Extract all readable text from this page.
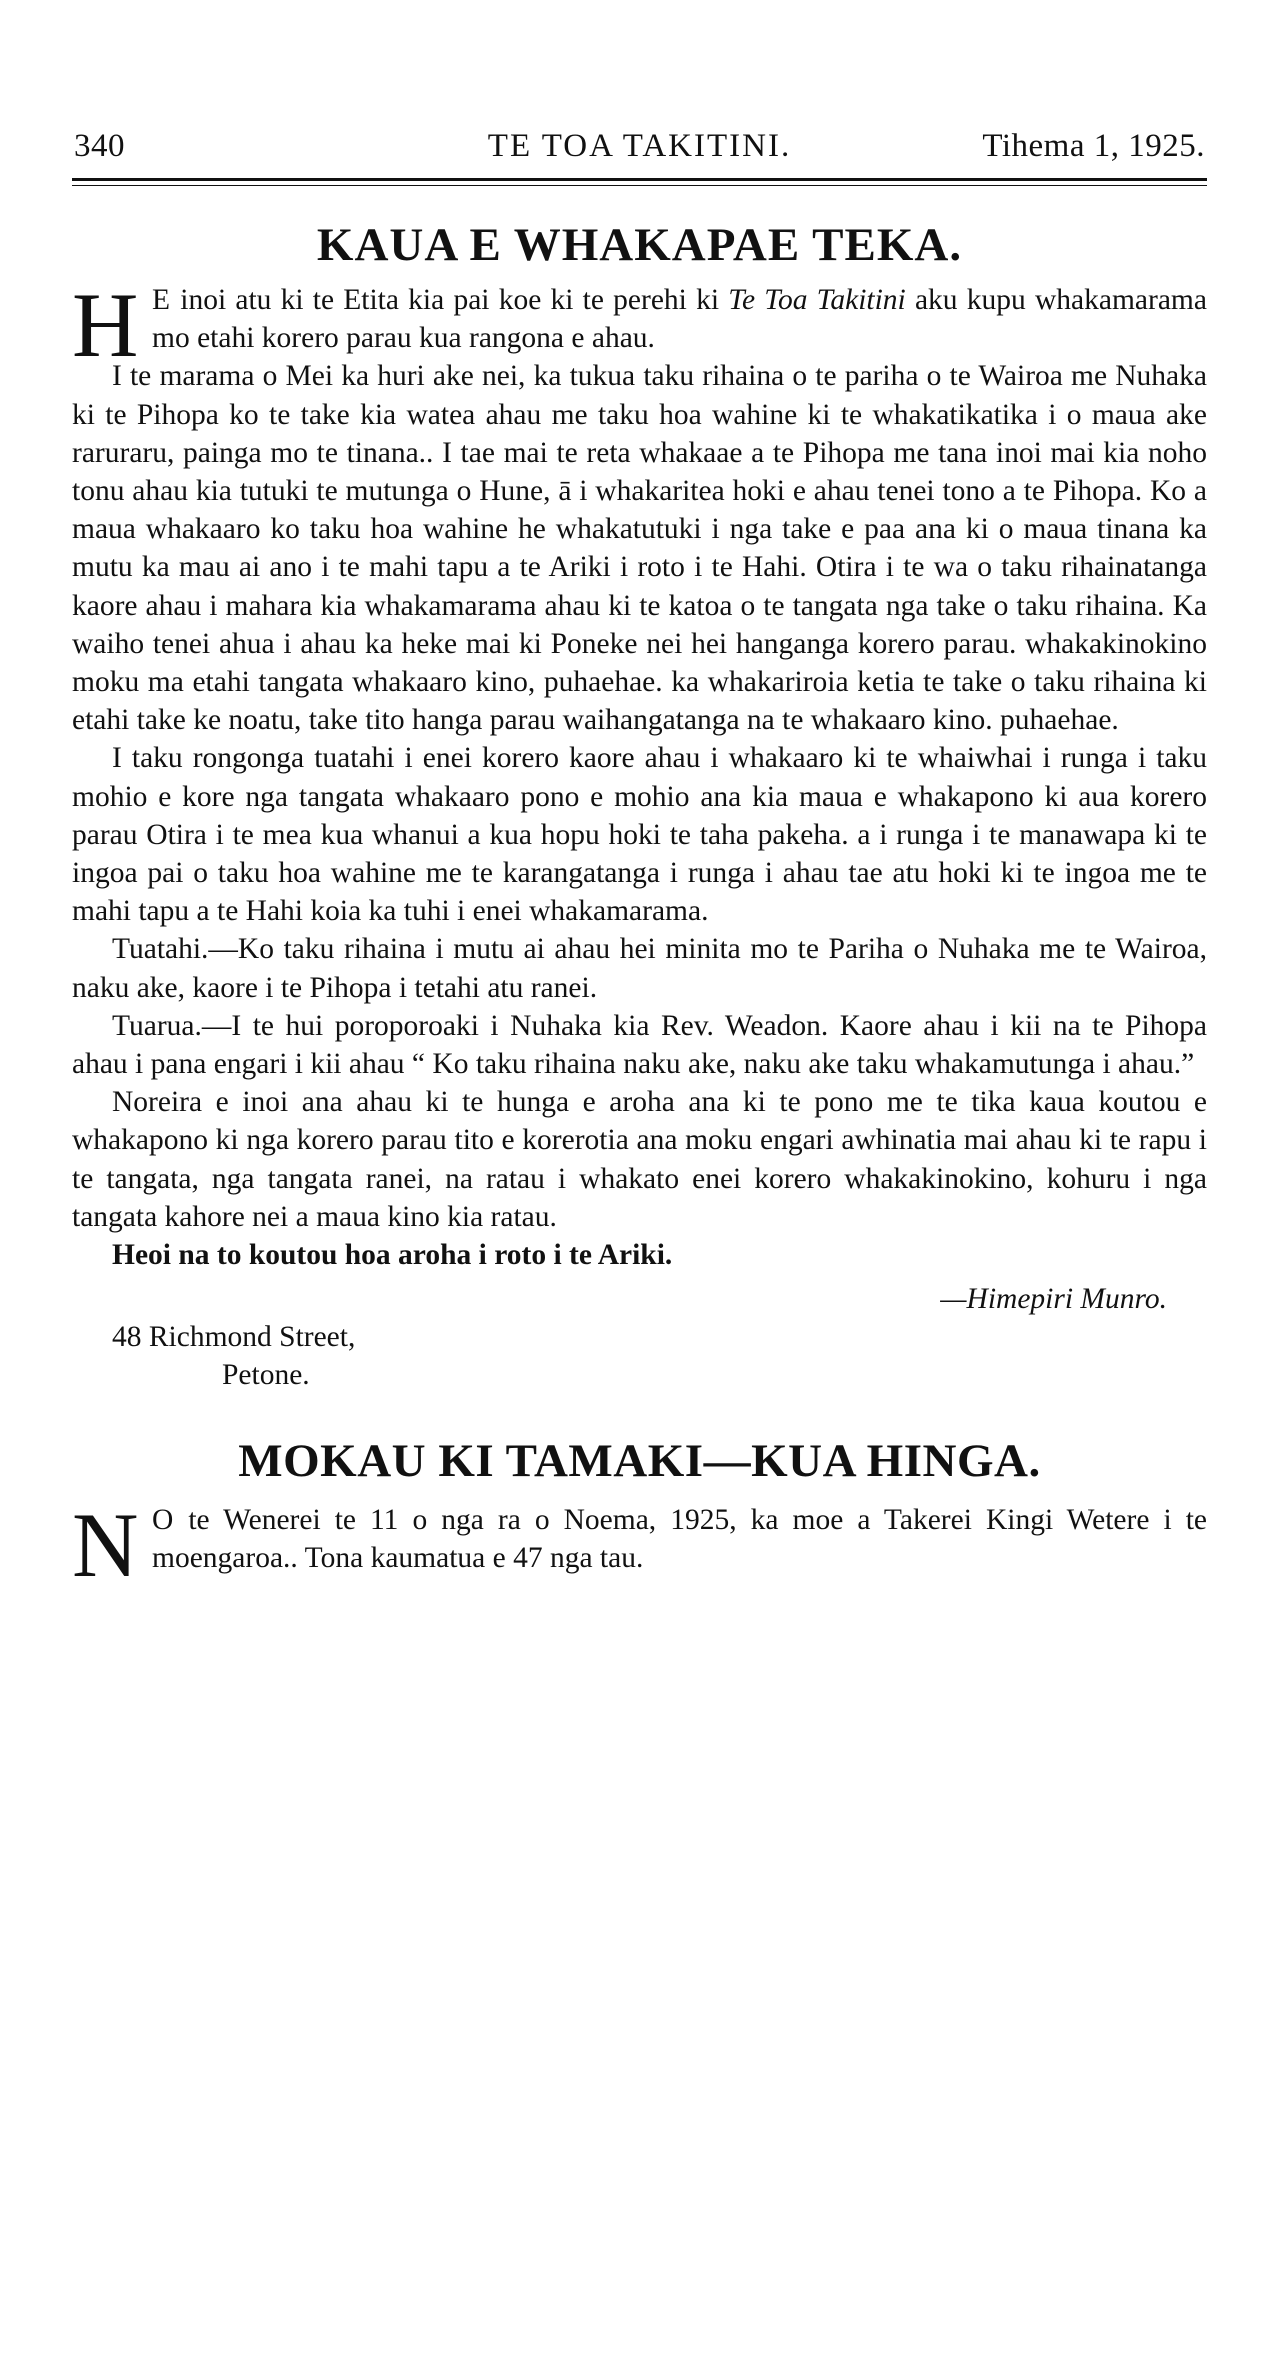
340	TE TOA TAKITINI.	Tihema 1, 1925.
KAUA E WHAKAPAE TEKA.

H E inoi atu ki te Etita kia pai koe ki te perehi ki Te Toa Takitini aku kupu whakamarama mo etahi korero parau kua rangona e ahau.

I te marama o Mei ka huri ake nei, ka tukua taku rihaina o te pariha o te Wairoa me Nuhaka ki te Pihopa ko te take kia watea ahau me taku hoa wahine ki te whakatikatika i o maua ake raruraru, painga mo te tinana.. I tae mai te reta whakaae a te Pihopa me tana inoi mai kia noho tonu ahau kia tutuki te mutunga o Hune, ā i whakaritea hoki e ahau tenei tono a te Pihopa. Ko a maua whakaaro ko taku hoa wahine he whakatutuki i nga take e paa ana ki o maua tinana ka mutu ka mau ai ano i te mahi tapu a te Ariki i roto i te Hahi. Otira i te wa o taku rihainatanga kaore ahau i mahara kia whakamarama ahau ki te katoa o te tangata nga take o taku rihaina. Ka waiho tenei ahua i ahau ka heke mai ki Poneke nei hei hanganga korero parau. whakakinokino moku ma etahi tangata whakaaro kino, puhaehae. ka whakariroia ketia te take o taku rihaina ki etahi take ke noatu, take tito hanga parau waihangatanga na te whakaaro kino. puhaehae.

I taku rongonga tuatahi i enei korero kaore ahau i whakaaro ki te whaiwhai i runga i taku mohio e kore nga tangata whakaaro pono e mohio ana kia maua e whakapono ki aua korero parau Otira i te mea kua whanui a kua hopu hoki te taha pakeha. a i runga i te manawapa ki te ingoa pai o taku hoa wahine me te karangatanga i runga i ahau tae atu hoki ki te ingoa me te mahi tapu a te Hahi koia ka tuhi i enei whakamarama.

Tuatahi.—Ko taku rihaina i mutu ai ahau hei minita mo te Pariha o Nuhaka me te Wairoa, naku ake, kaore i te Pihopa i tetahi atu ranei.

Tuarua.—I te hui poroporoaki i Nuhaka kia Rev. Weadon. Kaore ahau i kii na te Pihopa ahau i pana engari i kii ahau “ Ko taku rihaina naku ake, naku ake taku whakamutunga i ahau.”

Noreira e inoi ana ahau ki te hunga e aroha ana ki te pono me te tika kaua koutou e whakapono ki nga korero parau tito e korerotia ana moku engari awhinatia mai ahau ki te rapu i te tangata, nga tangata ranei, na ratau i whakato enei korero whakakinokino, kohuru i nga tangata kahore nei a maua kino kia ratau.

Heoi na to koutou hoa aroha i roto i te Ariki.

—Himepiri Munro.
48 Richmond Street,
Petone.
MOKAU KI TAMAKI—KUA HINGA.

N O te Wenerei te 11 o nga ra o Noema, 1925, ka moe a Takerei Kingi Wetere i te moengaroa.. Tona kaumatua e 47 nga tau.
